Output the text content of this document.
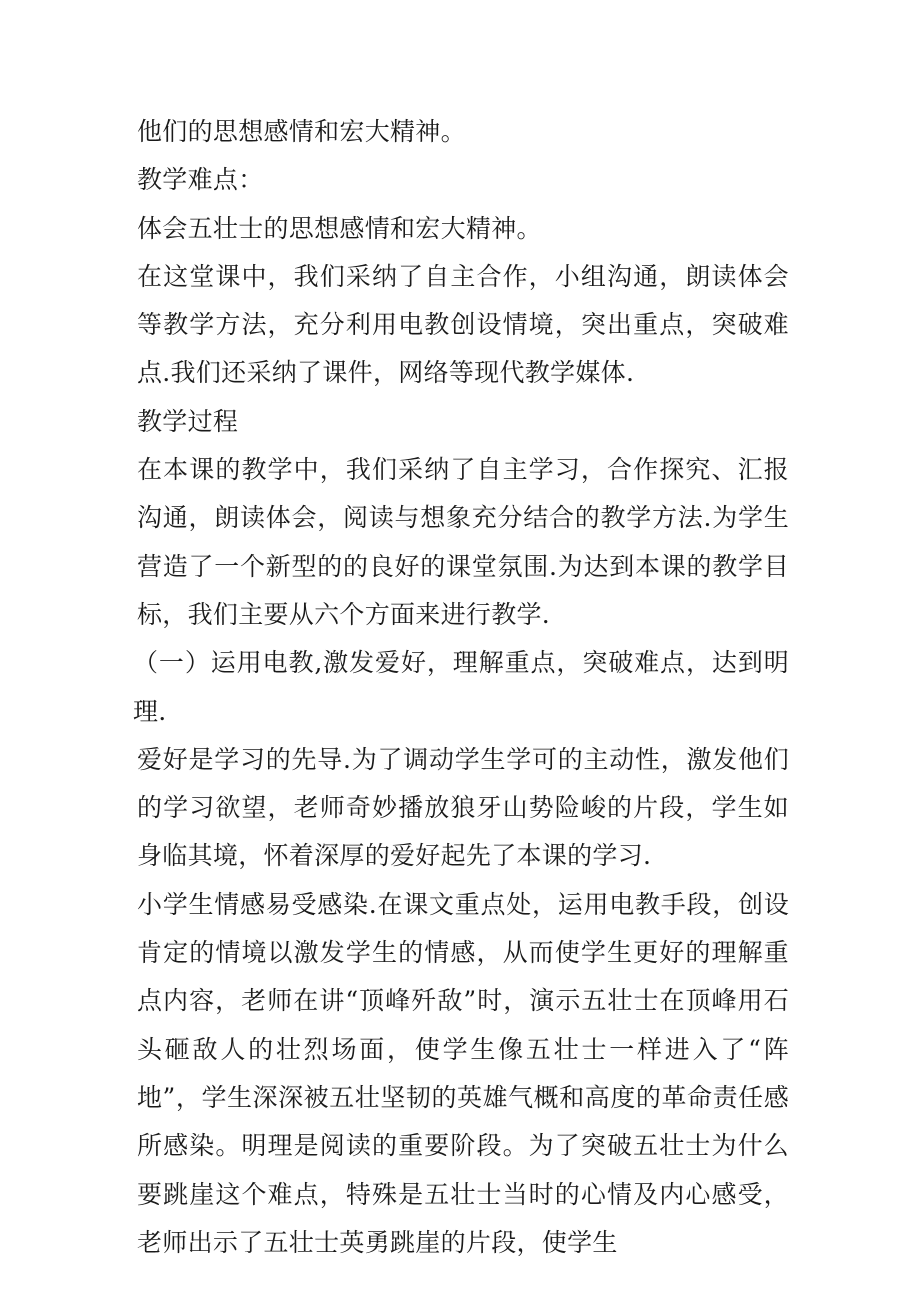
他们的思想感情和宏大精神。

教学难点：

体会五壮士的思想感情和宏大精神。

在这堂课中，我们采纳了自主合作，小组沟通，朗读体会等教学方法，充分利用电教创设情境，突出重点，突破难点.我们还采纳了课件，网络等现代教学媒体.

教学过程

在本课的教学中，我们采纳了自主学习，合作探究、汇报沟通，朗读体会，阅读与想象充分结合的教学方法.为学生营造了一个新型的的良好的课堂氛围.为达到本课的教学目标，我们主要从六个方面来进行教学.

（一）运用电教,激发爱好，理解重点，突破难点，达到明理.

爱好是学习的先导.为了调动学生学可的主动性，激发他们的学习欲望，老师奇妙播放狼牙山势险峻的片段，学生如身临其境，怀着深厚的爱好起先了本课的学习.

小学生情感易受感染.在课文重点处，运用电教手段，创设肯定的情境以激发学生的情感，从而使学生更好的理解重点内容，老师在讲“顶峰歼敌”时，演示五壮士在顶峰用石头砸敌人的壮烈场面，使学生像五壮士一样进入了“阵地”，学生深深被五壮坚韧的英雄气概和高度的革命责任感所感染。明理是阅读的重要阶段。为了突破五壮士为什么要跳崖这个难点，特殊是五壮士当时的心情及内心感受，老师出示了五壮士英勇跳崖的片段，使学生
